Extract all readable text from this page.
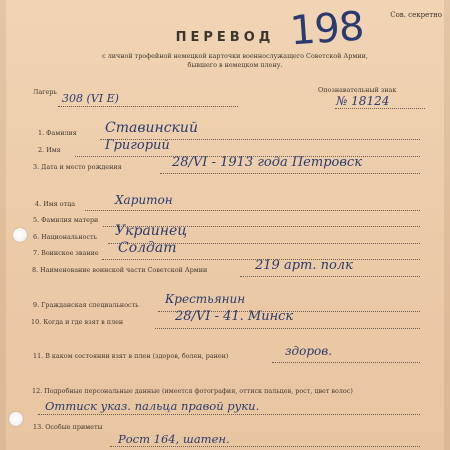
ПЕРЕВОД
Сов. секретно
198
с личной трофейной немецкой карточки военнослужащего Советской Армии,
бывшего в немецком плену.
Лагерь 308 (VI E)
Опознавательный знак
№ 18124
1. Фамилия Ставинский
2. Имя	Григорий
3. Дата и место рождения	28/VI - 1913 года Петровск
4. Имя отца	Харитон
5. Фамилия матери
6. Национальность Украинец
7. Воинское звание Солдат
8. Наименование воинской части Советской Армии	219 арт. полк
9. Гражданская специальность Крестьянин
10. Когда и где взят в плен	28/VI - 41. Минск
11. В каком состоянии взят в плен (здоров, болен, ранен)	здоров.
12. Подробные персональные данные (имеется фотография, оттиск пальцев, рост, цвет волос)
Оттиск указ. пальца правой руки.
13. Особые приметы
Рост 164, шатен.
